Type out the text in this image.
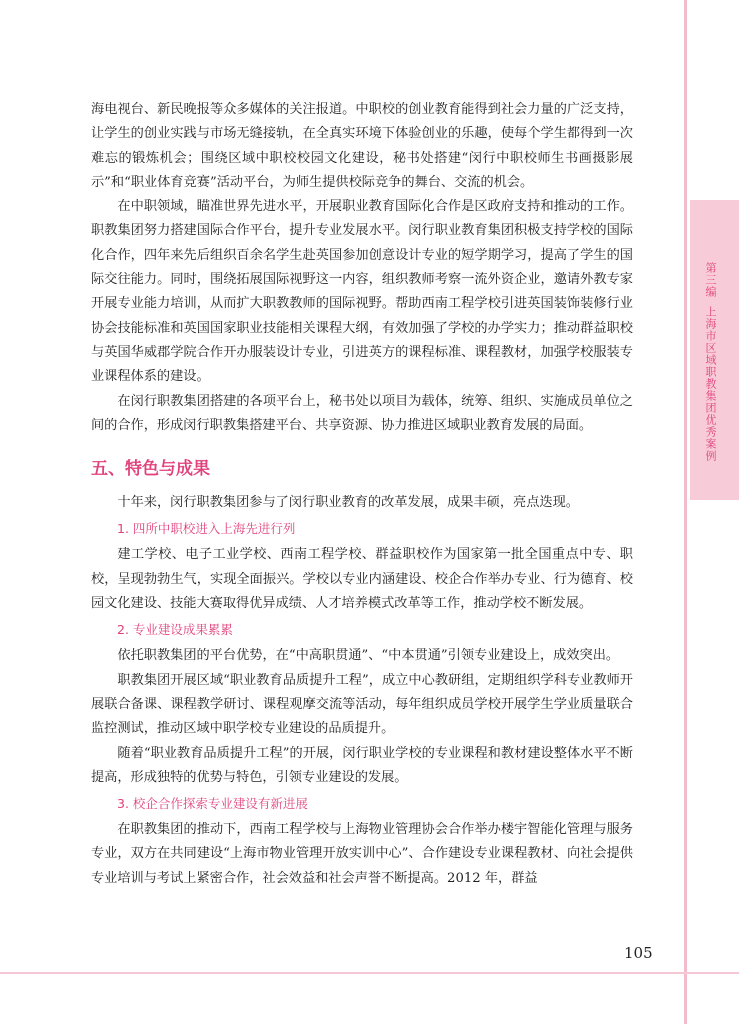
第三编上海市区域职教集团优秀案例

海电视台、新民晚报等众多媒体的关注报道。中职校的创业教育能得到社会力量的广泛支持，让学生的创业实践与市场无缝接轨，在全真实环境下体验创业的乐趣，使每个学生都得到一次难忘的锻炼机会；围绕区域中职校校园文化建设，秘书处搭建“闵行中职校师生书画摄影展示”和“职业体育竞赛”活动平台，为师生提供校际竞争的舞台、交流的机会。

在中职领域，瞄准世界先进水平，开展职业教育国际化合作是区政府支持和推动的工作。职教集团努力搭建国际合作平台，提升专业发展水平。闵行职业教育集团积极支持学校的国际化合作，四年来先后组织百余名学生赴英国参加创意设计专业的短学期学习，提高了学生的国际交往能力。同时，围绕拓展国际视野这一内容，组织教师考察一流外资企业，邀请外教专家开展专业能力培训，从而扩大职教教师的国际视野。帮助西南工程学校引进英国装饰装修行业协会技能标准和英国国家职业技能相关课程大纲，有效加强了学校的办学实力；推动群益职校与英国华威郡学院合作开办服装设计专业，引进英方的课程标准、课程教材，加强学校服装专业课程体系的建设。

在闵行职教集团搭建的各项平台上，秘书处以项目为载体，统筹、组织、实施成员单位之间的合作，形成闵行职教集搭建平台、共享资源、协力推进区域职业教育发展的局面。

五、特色与成果

十年来，闵行职教集团参与了闵行职业教育的改革发展，成果丰硕，亮点迭现。

1. 四所中职校进入上海先进行列

建工学校、电子工业学校、西南工程学校、群益职校作为国家第一批全国重点中专、职校，呈现勃勃生气，实现全面振兴。学校以专业内涵建设、校企合作举办专业、行为德育、校园文化建设、技能大赛取得优异成绩、人才培养模式改革等工作，推动学校不断发展。

2. 专业建设成果累累

依托职教集团的平台优势，在“中高职贯通”、“中本贯通”引领专业建设上，成效突出。

职教集团开展区域“职业教育品质提升工程”，成立中心教研组，定期组织学科专业教师开展联合备课、课程教学研讨、课程观摩交流等活动，每年组织成员学校开展学生学业质量联合监控测试，推动区域中职学校专业建设的品质提升。

随着“职业教育品质提升工程”的开展，闵行职业学校的专业课程和教材建设整体水平不断提高，形成独特的优势与特色，引领专业建设的发展。

3. 校企合作探索专业建设有新进展

在职教集团的推动下，西南工程学校与上海物业管理协会合作举办楼宇智能化管理与服务专业，双方在共同建设“上海市物业管理开放实训中心”、合作建设专业课程教材、向社会提供专业培训与考试上紧密合作，社会效益和社会声誉不断提高。2012 年，群益

105
